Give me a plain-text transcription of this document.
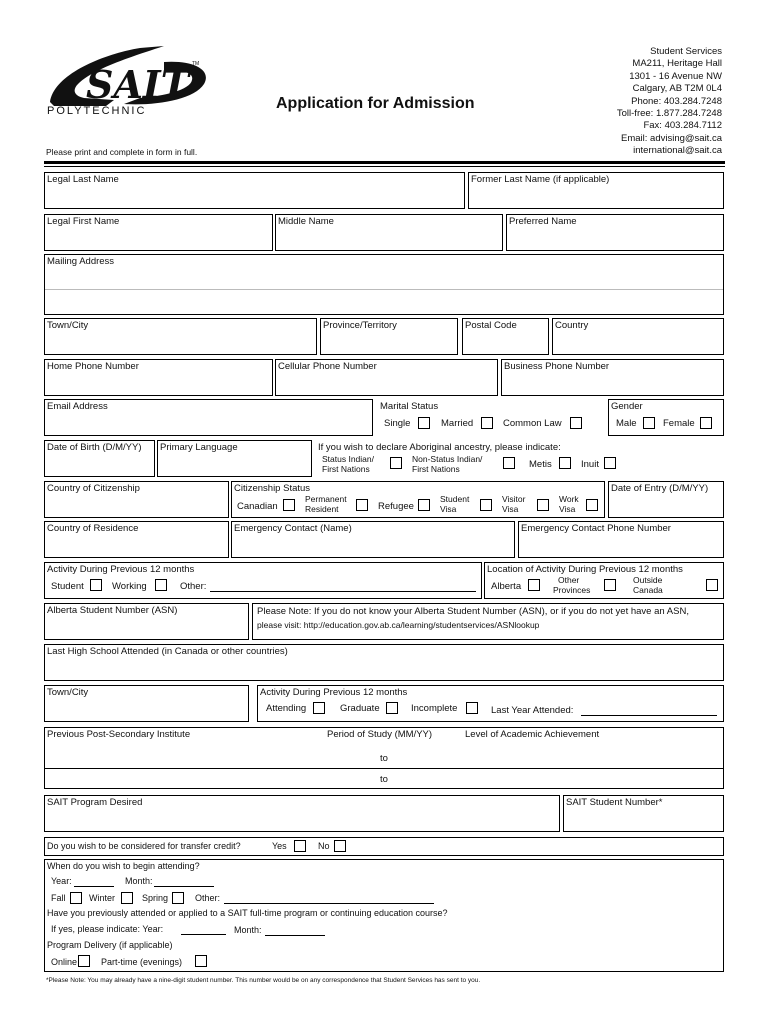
SAIT TM
POLYTECHNIC	Application for Admission
Please print and complete in form in full.
Student Services
MA211, Heritage Hall
1301 - 16 Avenue NW
Calgary, AB T2M 0L4
Phone: 403.284.7248
Toll-free: 1.877.284.7248
Fax: 403.284.7112
Email: advising@sait.ca
international@sait.ca
Legal Last Name	Former Last Name (if applicable)
Legal First Name	Middle Name	Preferred Name
Mailing Address
Town/City	Province/Territory	Postal Code	Country
Home Phone Number	Cellular Phone Number	Business Phone Number
Email Address	Marital Status
Single	Married	Common Law
Gender
Male	Female
Date of Birth (D/M/YY) Primary Language	If you wish to declare Aboriginal ancestry, please indicate:
Status Indian/
First Nations
Non-Status Indian/
First Nations	Metis	Inuit
Country of Citizenship	Citizenship Status
Canadian
Permanent
Resident	Refugee
Student
Visa
Visitor
Visa
Work
Visa
Date of Entry (D/M/YY)
Country of Residence	Emergency Contact (Name)	Emergency Contact Phone Number
Activity During Previous 12 months
Student	Working	Other:
Location of Activity During Previous 12 months
Alberta
Other
Provinces
Outside
Canada
Alberta Student Number (ASN)	Please Note: If you do not know your Alberta Student Number (ASN), or if you do not yet have an ASN,
please visit: http://education.gov.ab.ca/learning/studentservices/ASNlookup
Last High School Attended (in Canada or other countries)
Town/City	Activity During Previous 12 months
Attending	Graduate	Incomplete	Last Year Attended:
Previous Post-Secondary Institute	Period of Study (MM/YY)	Level of Academic Achievement
to
to
SAIT Program Desired	SAIT Student Number*
Do you wish to be considered for transfer credit?	Yes	No
When do you wish to begin attending?
Year:	Month:
Fall	Winter	Spring	Other:
Have you previously attended or applied to a SAIT full-time program or continuing education course?
If yes, please indicate: Year:	Month:
Program Delivery (if applicable)
Online	Part-time (evenings)
*Please Note: You may already have a nine-digit student number. This number would be on any correspondence that Student Services has sent to you.
